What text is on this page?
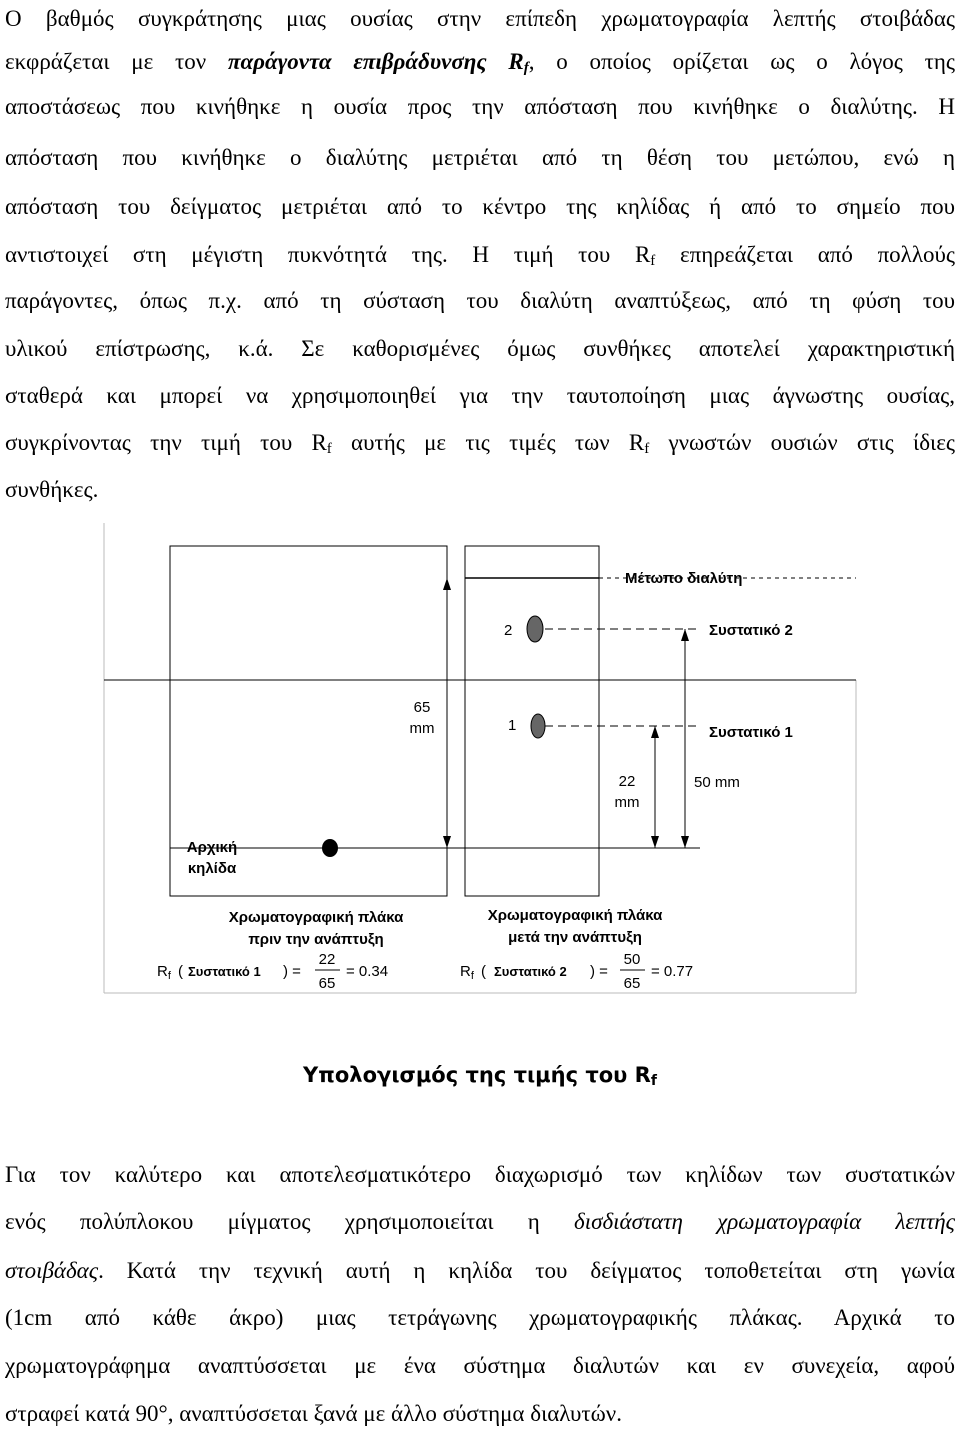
Ο βαθμός συγκράτησης μιας ουσίας στην επίπεδη χρωματογραφία λεπτής στοιβάδας
εκφράζεται με τον παράγοντα επιβράδυνσης $R_f$, ο οποίος ορίζεται ως ο λόγος της
αποστάσεως που κινήθηκε η ουσία προς την απόσταση που κινήθηκε ο διαλύτης. Η
απόσταση που κινήθηκε ο διαλύτης μετριέται από τη θέση του μετώπου, ενώ η
απόσταση του δείγματος μετριέται από το κέντρο της κηλίδας ή από το σημείο που
αντιστοιχεί στη μέγιστη πυκνότητά της. Η τιμή του $R_f$ επηρεάζεται από πολλούς
παράγοντες, όπως π.χ. από τη σύσταση του διαλύτη αναπτύξεως, από τη φύση του
υλικού επίστρωσης, κ.ά. Σε καθορισμένες όμως συνθήκες αποτελεί χαρακτηριστική
σταθερά και μπορεί να χρησιμοποιηθεί για την ταυτοποίηση μιας άγνωστης ουσίας,
συγκρίνοντας την τιμή του $R_f$ αυτής με τις τιμές των $R_f$ γνωστών ουσιών στις ίδιες
συνθήκες.
Μέτωπο διαλύτη
2	Συστατικό 2
1	Συστατικό 1
65
mm
22
mm
50 mm
Αρχική
κηλίδα
Χρωματογραφική πλάκα
πριν την ανάπτυξη
Χρωματογραφική πλάκα
μετά την ανάπτυξη
$R_f$ ( Συστατικό 1 ) =
22
65
= 0.34	$R_f$ ( Συστατικό 2 ) =
50
65
= 0.77
Υπολογισμός της τιμής του $R_f$
Για τον καλύτερο και αποτελεσματικότερο διαχωρισμό των κηλίδων των συστατικών
ενός πολύπλοκου μίγματος χρησιμοποιείται η δισδιάστατη χρωματογραφία λεπτής
στοιβάδας. Κατά την τεχνική αυτή η κηλίδα του δείγματος τοποθετείται στη γωνία
(1cm από κάθε άκρο) μιας τετράγωνης χρωματογραφικής πλάκας. Αρχικά το
χρωματογράφημα αναπτύσσεται με ένα σύστημα διαλυτών και εν συνεχεία, αφού
στραφεί κατά 90°, αναπτύσσεται ξανά με άλλο σύστημα διαλυτών.
